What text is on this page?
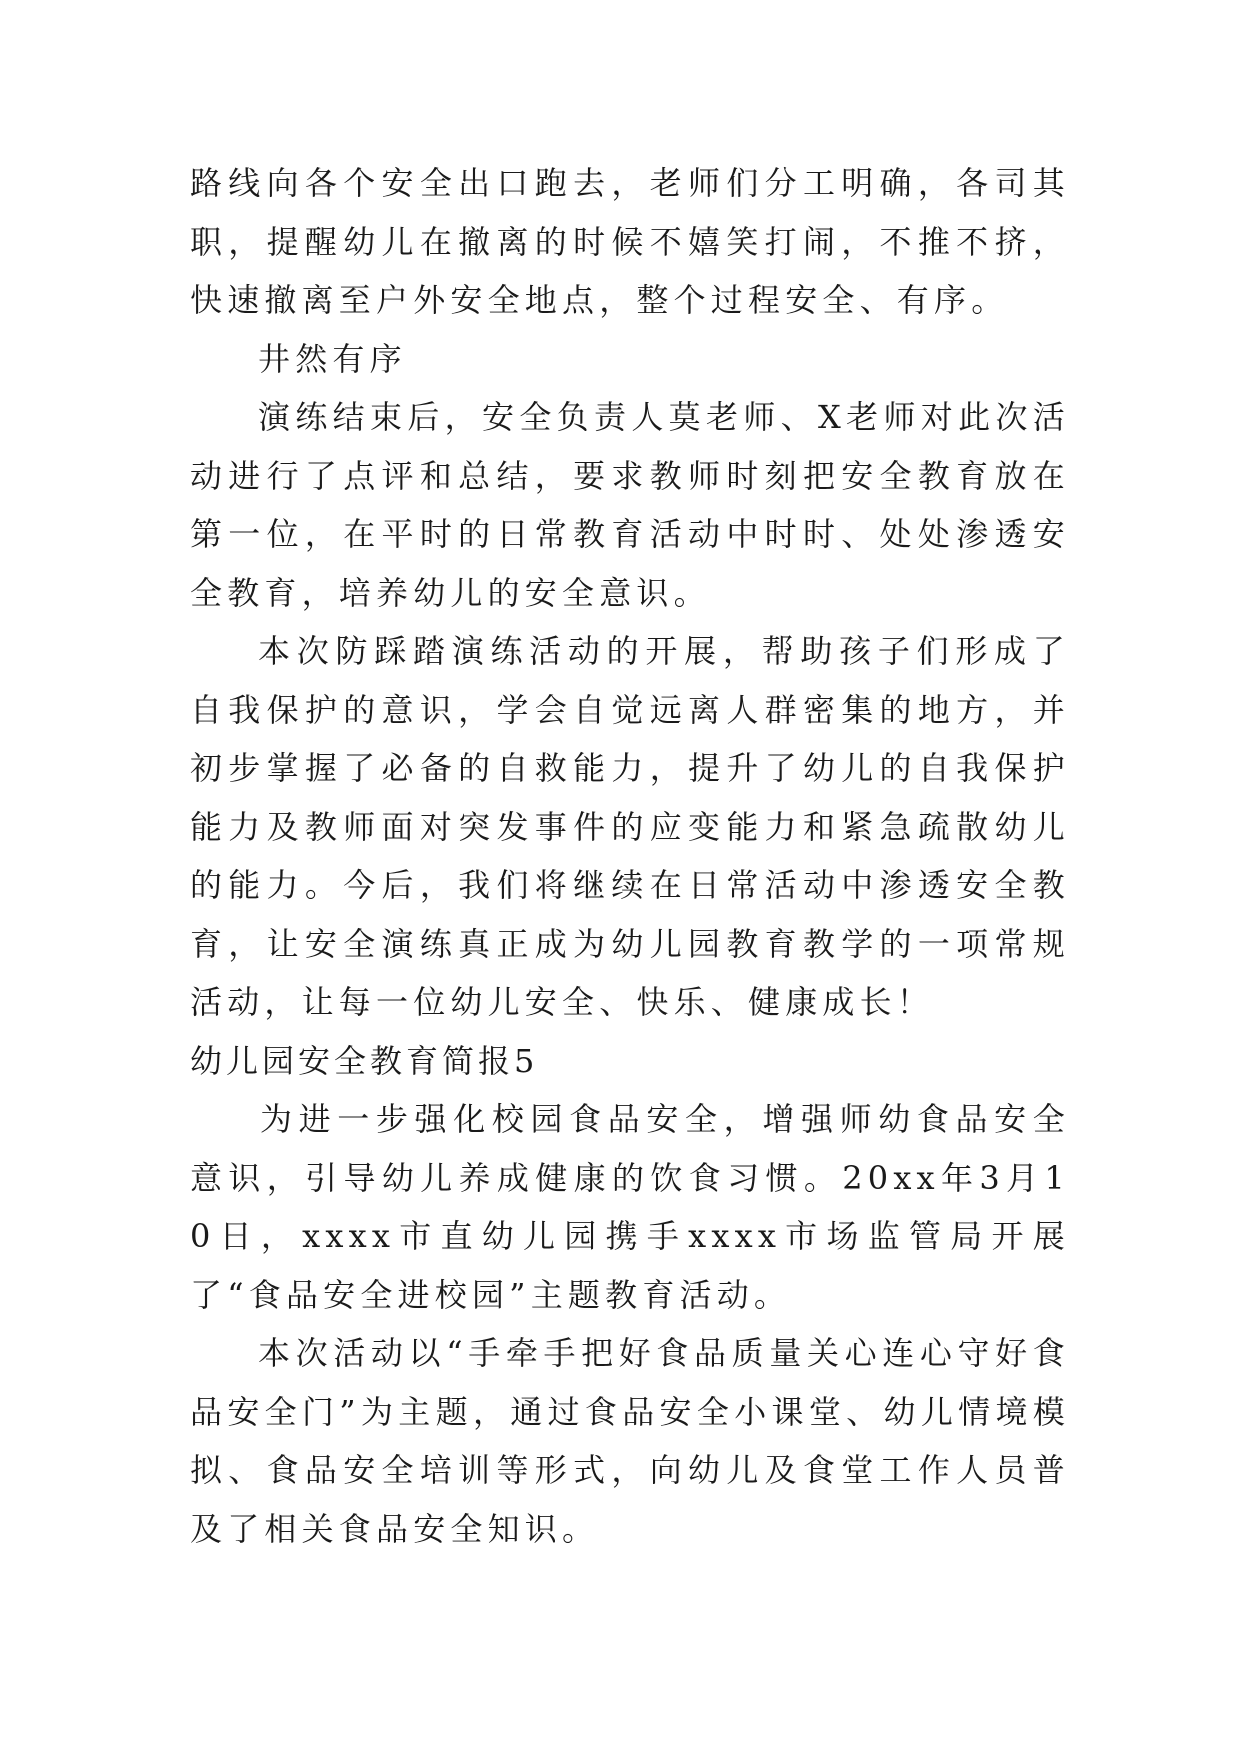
路线向各个安全出口跑去，老师们分工明确，各司其职，提醒幼儿在撤离的时候不嬉笑打闹，不推不挤，快速撤离至户外安全地点，整个过程安全、有序。

井然有序

演练结束后，安全负责人莫老师、X老师对此次活动进行了点评和总结，要求教师时刻把安全教育放在第一位，在平时的日常教育活动中时时、处处渗透安全教育，培养幼儿的安全意识。

本次防踩踏演练活动的开展，帮助孩子们形成了自我保护的意识，学会自觉远离人群密集的地方，并初步掌握了必备的自救能力，提升了幼儿的自我保护能力及教师面对突发事件的应变能力和紧急疏散幼儿的能力。今后，我们将继续在日常活动中渗透安全教育，让安全演练真正成为幼儿园教育教学的一项常规活动，让每一位幼儿安全、快乐、健康成长！

幼儿园安全教育简报5

为进一步强化校园食品安全，增强师幼食品安全意识，引导幼儿养成健康的饮食习惯。20xx年3月10日，xxxx市直幼儿园携手xxxx市场监管局开展了“食品安全进校园”主题教育活动。

本次活动以“手牵手把好食品质量关心连心守好食品安全门”为主题，通过食品安全小课堂、幼儿情境模拟、食品安全培训等形式，向幼儿及食堂工作人员普及了相关食品安全知识。
